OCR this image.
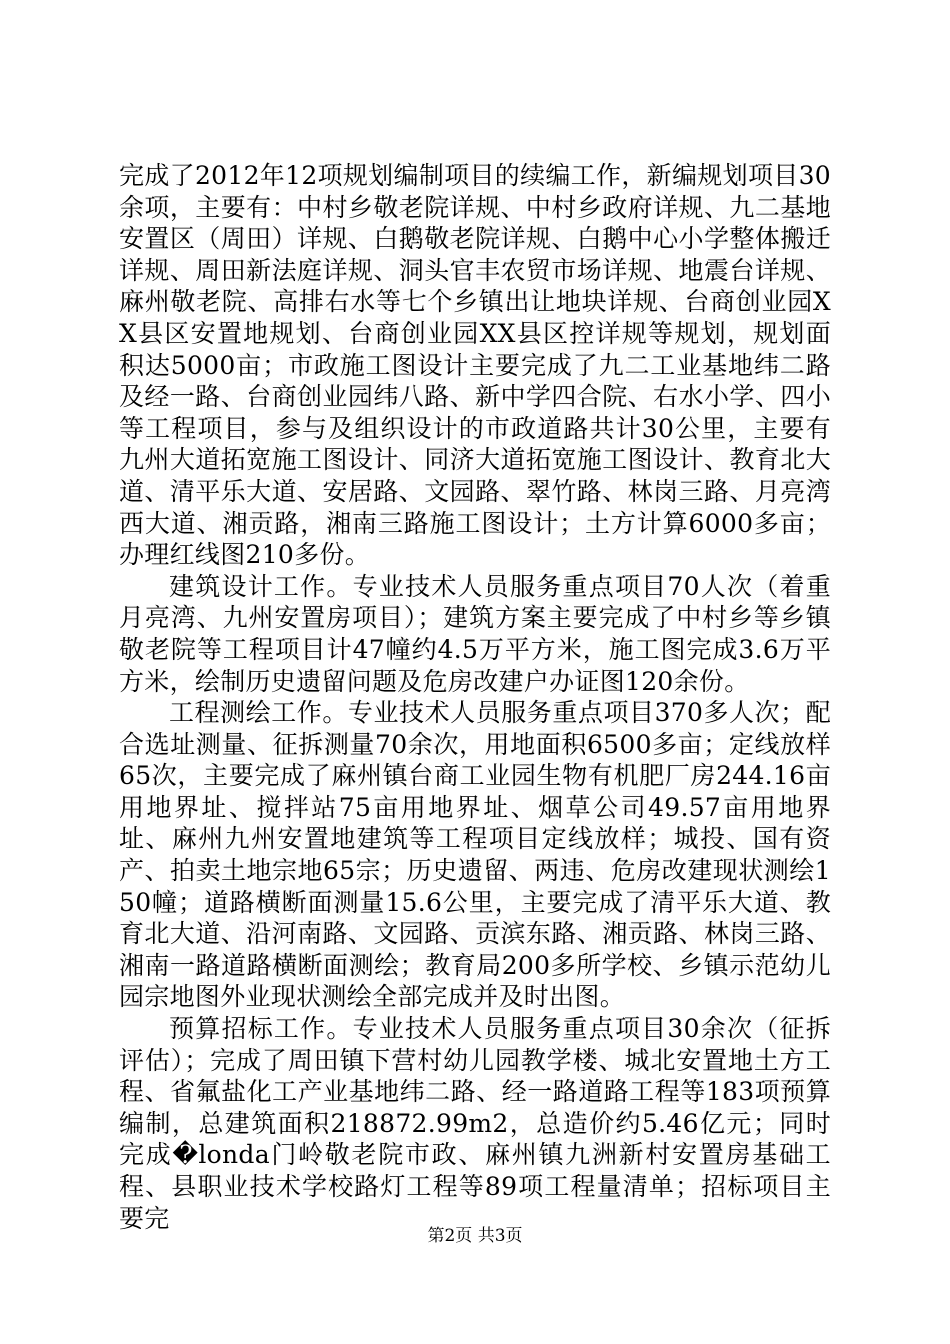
完成了2012年12项规划编制项目的续编工作，新编规划项目30余项，主要有：中村乡敬老院详规、中村乡政府详规、九二基地安置区（周田）详规、白鹅敬老院详规、白鹅中心小学整体搬迁详规、周田新法庭详规、洞头官丰农贸市场详规、地震台详规、麻州敬老院、高排右水等七个乡镇出让地块详规、台商创业园XX县区安置地规划、台商创业园XX县区控详规等规划，规划面积达5000亩；市政施工图设计主要完成了九二工业基地纬二路及经一路、台商创业园纬八路、新中学四合院、右水小学、四小等工程项目，参与及组织设计的市政道路共计30公里，主要有九州大道拓宽施工图设计、同济大道拓宽施工图设计、教育北大道、清平乐大道、安居路、文园路、翠竹路、林岗三路、月亮湾西大道、湘贡路，湘南三路施工图设计；土方计算6000多亩；办理红线图210多份。

建筑设计工作。专业技术人员服务重点项目70人次（着重月亮湾、九州安置房项目）；建筑方案主要完成了中村乡等乡镇敬老院等工程项目计47幢约4.5万平方米，施工图完成3.6万平方米，绘制历史遗留问题及危房改建户办证图120余份。

工程测绘工作。专业技术人员服务重点项目370多人次；配合选址测量、征拆测量70余次，用地面积6500多亩；定线放样65次，主要完成了麻州镇台商工业园生物有机肥厂房244.16亩用地界址、搅拌站75亩用地界址、烟草公司49.57亩用地界址、麻州九州安置地建筑等工程项目定线放样；城投、国有资产、拍卖土地宗地65宗；历史遗留、两违、危房改建现状测绘150幢；道路横断面测量15.6公里，主要完成了清平乐大道、教育北大道、沿河南路、文园路、贡滨东路、湘贡路、林岗三路、湘南一路道路横断面测绘；教育局200多所学校、乡镇示范幼儿园宗地图外业现状测绘全部完成并及时出图。

预算招标工作。专业技术人员服务重点项目30余次（征拆评估）；完成了周田镇下营村幼儿园教学楼、城北安置地土方工程、省氟盐化工产业基地纬二路、经一路道路工程等183项预算编制，总建筑面积218872.99m2，总造价约5.46亿元；同时完成�londa门岭敬老院市政、麻州镇九洲新村安置房基础工程、县职业技术学校路灯工程等89项工程量清单；招标项目主要完

第2页 共3页
